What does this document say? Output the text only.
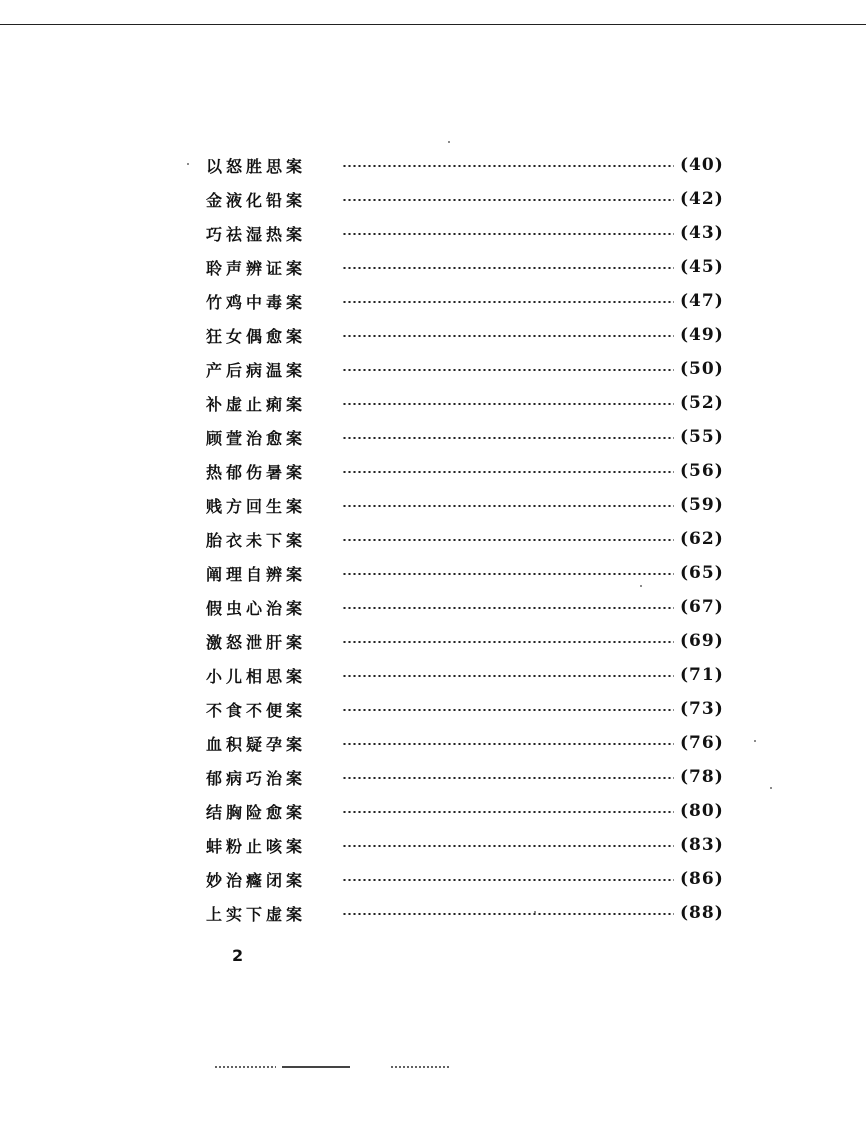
以怒胜思案	(40)
金液化铅案	(42)
巧祛湿热案	(43)
聆声辨证案	(45)
竹鸡中毒案	(47)
狂女偶愈案	(49)
产后病温案	(50)
补虚止痢案	(52)
顾萱治愈案	(55)
热郁伤暑案	(56)
贱方回生案	(59)
胎衣未下案	(62)
阐理自辨案	(65)
假虫心治案	(67)
激怒泄肝案	(69)
小儿相思案	(71)
不食不便案	(73)
血积疑孕案	(76)
郁病巧治案	(78)
结胸险愈案	(80)
蚌粉止咳案	(83)
妙治癃闭案	(86)
上实下虚案	(88)
2
